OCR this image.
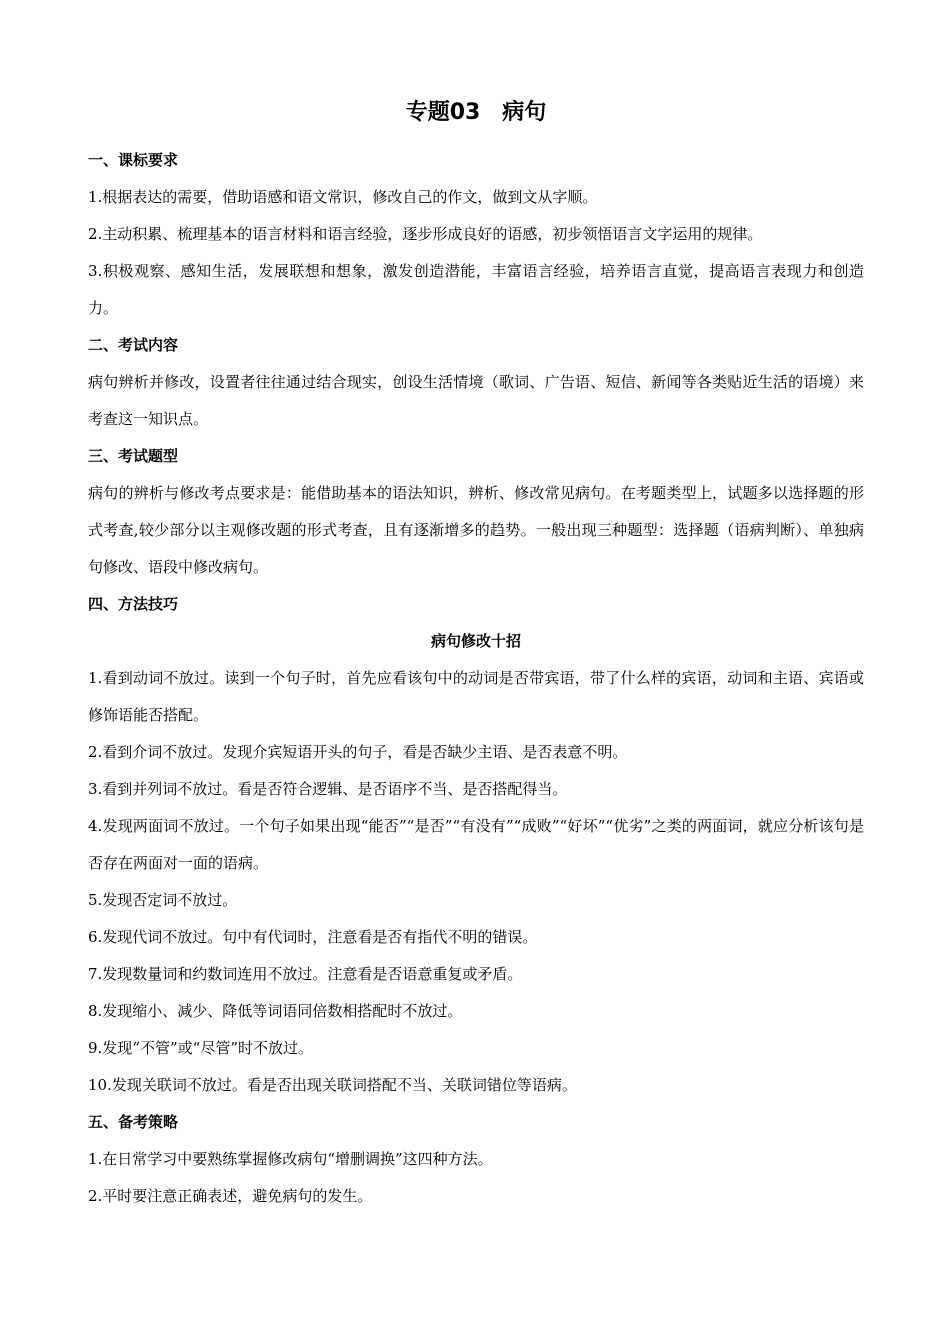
专题03　病句
一、课标要求

1.根据表达的需要，借助语感和语文常识，修改自己的作文，做到文从字顺。

2.主动积累、梳理基本的语言材料和语言经验，逐步形成良好的语感，初步领悟语言文字运用的规律。

3.积极观察、感知生活，发展联想和想象，激发创造潜能，丰富语言经验，培养语言直觉，提高语言表现力和创造力。

二、考试内容

病句辨析并修改，设置者往往通过结合现实，创设生活情境（歌词、广告语、短信、新闻等各类贴近生活的语境）来考查这一知识点。

三、考试题型

病句的辨析与修改考点要求是：能借助基本的语法知识，辨析、修改常见病句。在考题类型上，试题多以选择题的形式考查,较少部分以主观修改题的形式考查，且有逐渐增多的趋势。一般出现三种题型：选择题（语病判断）、单独病句修改、语段中修改病句。

四、方法技巧
病句修改十招

1.看到动词不放过。读到一个句子时，首先应看该句中的动词是否带宾语，带了什么样的宾语，动词和主语、宾语或修饰语能否搭配。

2.看到介词不放过。发现介宾短语开头的句子，看是否缺少主语、是否表意不明。

3.看到并列词不放过。看是否符合逻辑、是否语序不当、是否搭配得当。

4.发现两面词不放过。一个句子如果出现“能否”“是否”“有没有”“成败”“好坏”“优劣”之类的两面词，就应分析该句是否存在两面对一面的语病。

5.发现否定词不放过。

6.发现代词不放过。句中有代词时，注意看是否有指代不明的错误。

7.发现数量词和约数词连用不放过。注意看是否语意重复或矛盾。

8.发现缩小、减少、降低等词语同倍数相搭配时不放过。

9.发现“不管”或“尽管”时不放过。

10.发现关联词不放过。看是否出现关联词搭配不当、关联词错位等语病。

五、备考策略

1.在日常学习中要熟练掌握修改病句“增删调换”这四种方法。

2.平时要注意正确表述，避免病句的发生。
